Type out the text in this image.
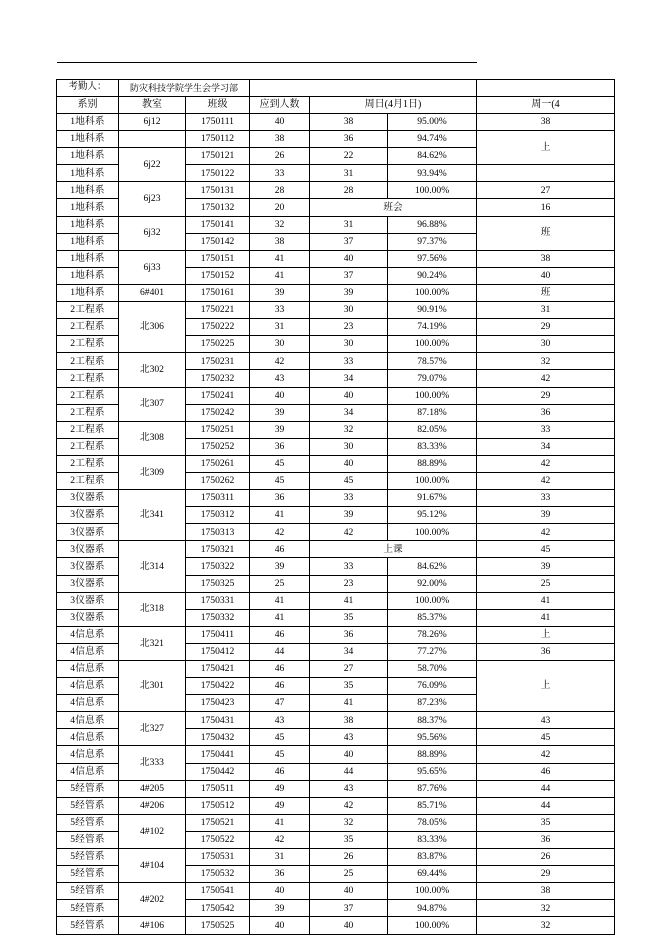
考勤人：	防灾科技学院学生会学习部					
系别	教室	班级	应到人数	周日(4月1日)		周一(4
1地科系	6j12	1750111	40	38	95.00%	38
1地科系		1750112	38	36	94.74%	上
1地科系	6j22	1750121	26	22	84.62%	
1地科系		1750122	33	31	93.94%	
1地科系	6j23	1750131	28	28	100.00%	27
1地科系		1750132	20	班会		16
1地科系	6j32	1750141	32	31	96.88%	班
1地科系		1750142	38	37	97.37%	
1地科系	6j33	1750151	41	40	97.56%	38
1地科系		1750152	41	37	90.24%	40
1地科系	6#401	1750161	39	39	100.00%	班
2工程系	北306	1750221	33	30	90.91%	31
2工程系		1750222	31	23	74.19%	29
2工程系		1750225	30	30	100.00%	30
2工程系	北302	1750231	42	33	78.57%	32
2工程系		1750232	43	34	79.07%	42
2工程系	北307	1750241	40	40	100.00%	29
2工程系		1750242	39	34	87.18%	36
2工程系	北308	1750251	39	32	82.05%	33
2工程系		1750252	36	30	83.33%	34
2工程系	北309	1750261	45	40	88.89%	42
2工程系		1750262	45	45	100.00%	42
3仪器系	北341	1750311	36	33	91.67%	33
3仪器系		1750312	41	39	95.12%	39
3仪器系		1750313	42	42	100.00%	42
3仪器系	北314	1750321	46	上课		45
3仪器系		1750322	39	33	84.62%	39
3仪器系		1750325	25	23	92.00%	25
3仪器系	北318	1750331	41	41	100.00%	41
3仪器系		1750332	41	35	85.37%	41
4信息系	北321	1750411	46	36	78.26%	上
4信息系		1750412	44	34	77.27%	36
4信息系	北301	1750421	46	27	58.70%	上
4信息系		1750422	46	35	76.09%	
4信息系		1750423	47	41	87.23%	
4信息系	北327	1750431	43	38	88.37%	43
4信息系		1750432	45	43	95.56%	45
4信息系	北333	1750441	45	40	88.89%	42
4信息系		1750442	46	44	95.65%	46
5经管系	4#205	1750511	49	43	87.76%	44
5经管系	4#206	1750512	49	42	85.71%	44
5经管系	4#102	1750521	41	32	78.05%	35
5经管系		1750522	42	35	83.33%	36
5经管系	4#104	1750531	31	26	83.87%	26
5经管系		1750532	36	25	69.44%	29
5经管系	4#202	1750541	40	40	100.00%	38
5经管系		1750542	39	37	94.87%	32
5经管系	4#106	1750525	40	40	100.00%	32
